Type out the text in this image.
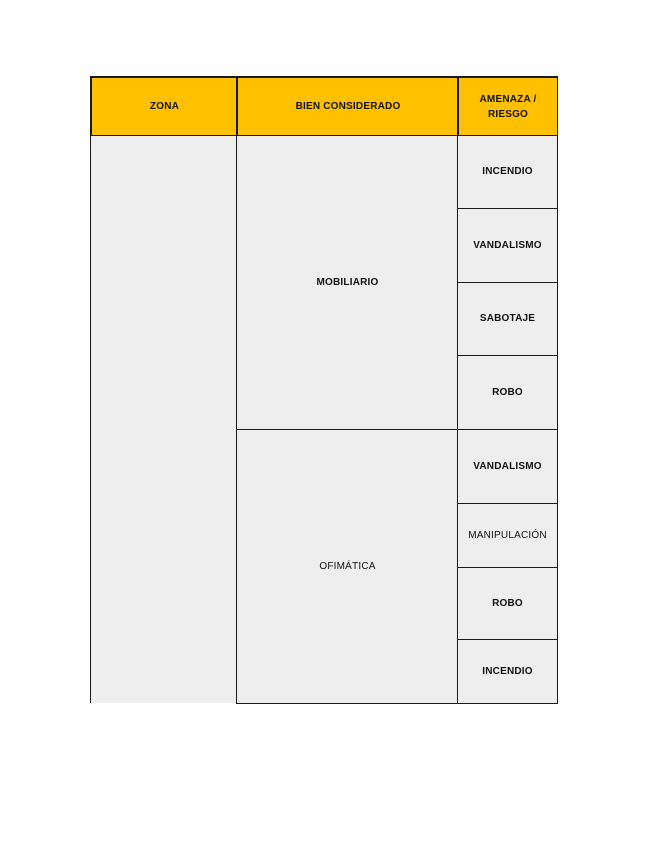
ZONA	BIEN CONSIDERADO
AMENAZA / RIESGO
MOBILIARIO
OFIMÁTICA
INCENDIO
VANDALISMO
SABOTAJE
ROBO
VANDALISMO
MANIPULACIÓN
ROBO
INCENDIO
